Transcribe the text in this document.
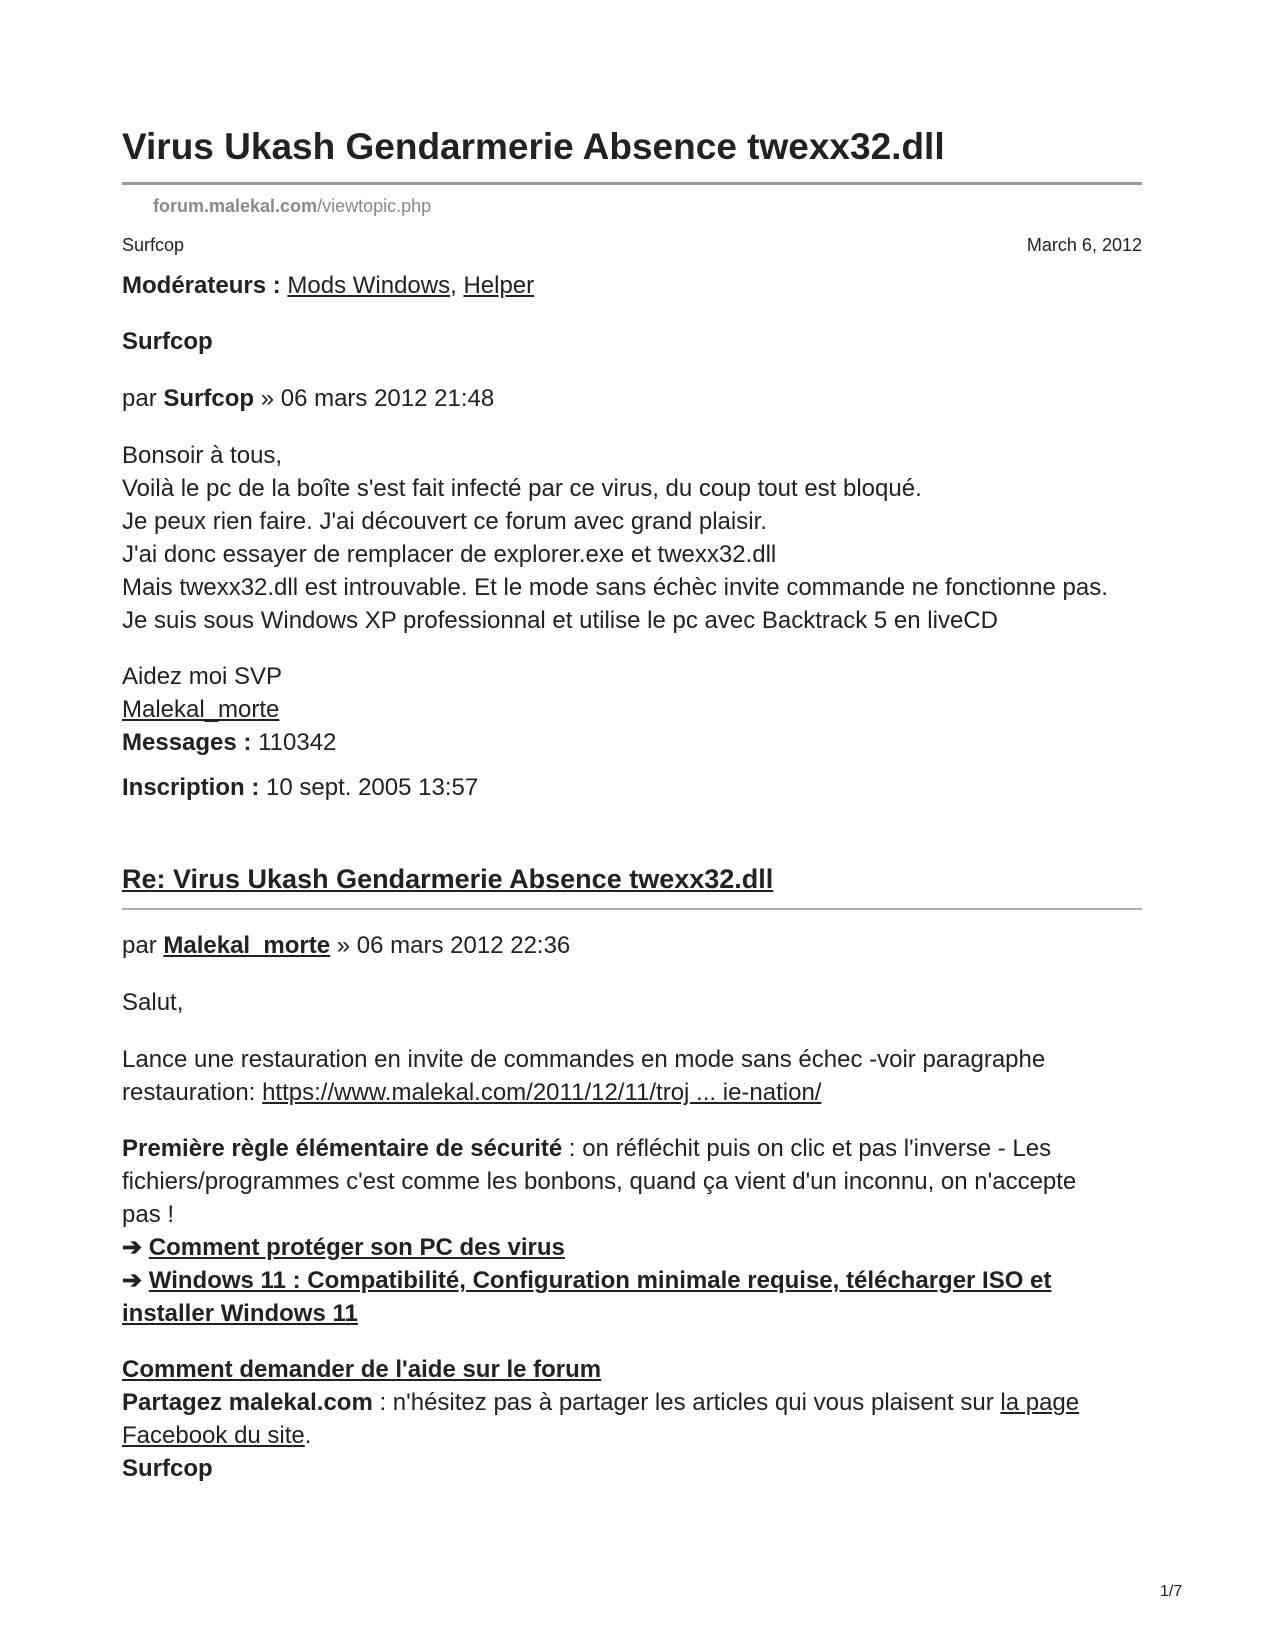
Virus Ukash Gendarmerie Absence twexx32.dll
forum.malekal.com/viewtopic.php
Surfcop	March 6, 2012
Modérateurs : Mods Windows, Helper
Surfcop
par Surfcop » 06 mars 2012 21:48
Bonsoir à tous,
Voilà le pc de la boîte s'est fait infecté par ce virus, du coup tout est bloqué.
Je peux rien faire. J'ai découvert ce forum avec grand plaisir.
J'ai donc essayer de remplacer de explorer.exe et twexx32.dll
Mais twexx32.dll est introuvable. Et le mode sans échèc invite commande ne fonctionne pas.
Je suis sous Windows XP professionnal et utilise le pc avec Backtrack 5 en liveCD
Aidez moi SVP
Malekal_morte
Messages : 110342
Inscription : 10 sept. 2005 13:57
Re: Virus Ukash Gendarmerie Absence twexx32.dll
par Malekal_morte » 06 mars 2012 22:36
Salut,
Lance une restauration en invite de commandes en mode sans échec -voir paragraphe
restauration: https://www.malekal.com/2011/12/11/troj ... ie-nation/
Première règle élémentaire de sécurité : on réfléchit puis on clic et pas l'inverse - Les
fichiers/programmes c'est comme les bonbons, quand ça vient d'un inconnu, on n'accepte
pas !
➔ Comment protéger son PC des virus
➔ Windows 11 : Compatibilité, Configuration minimale requise, télécharger ISO et
installer Windows 11
Comment demander de l'aide sur le forum
Partagez malekal.com : n'hésitez pas à partager les articles qui vous plaisent sur la page
Facebook du site.
Surfcop
1/7
